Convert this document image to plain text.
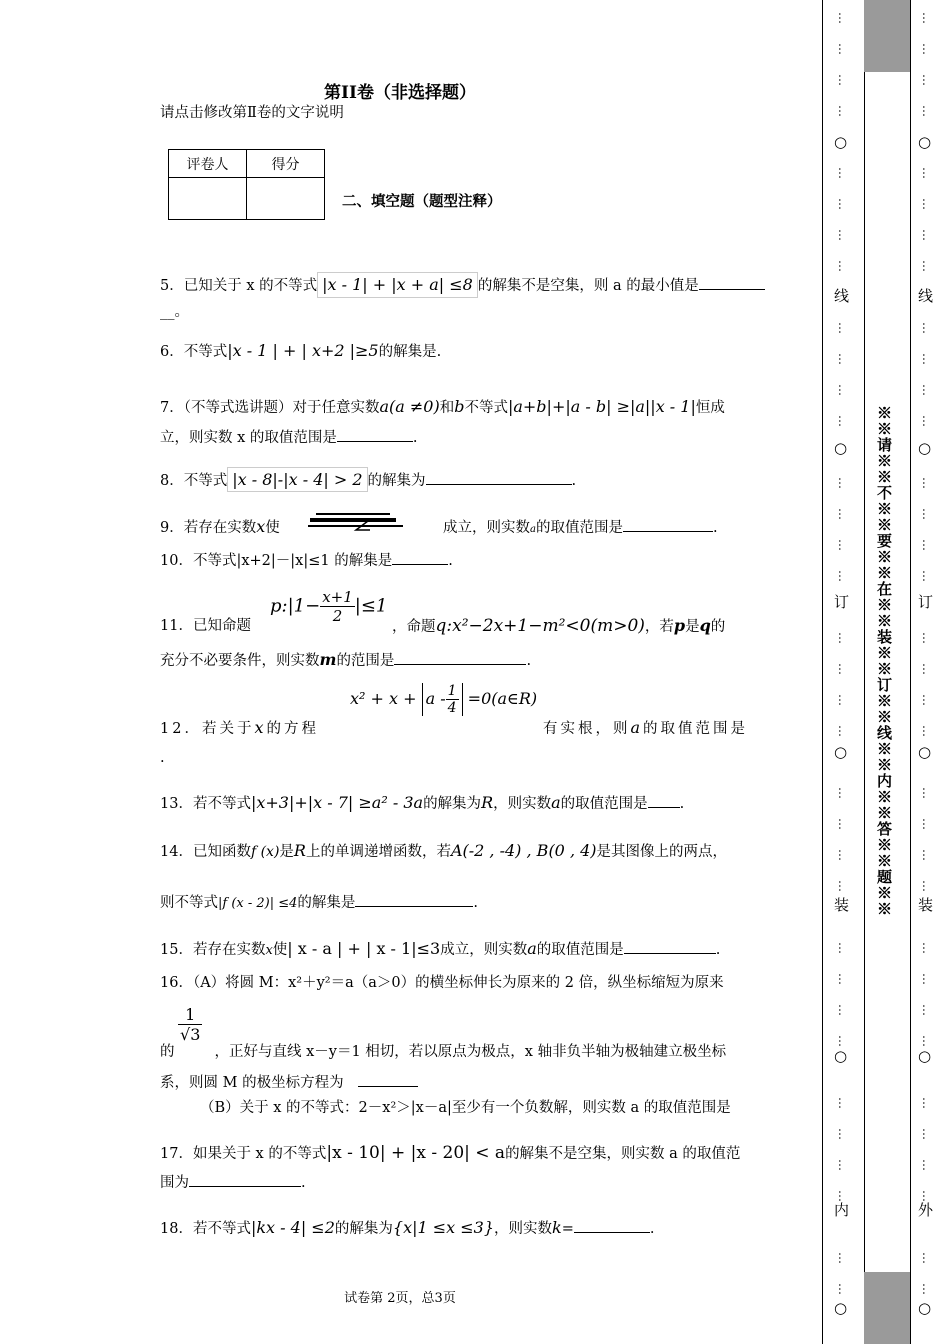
第II卷（非选择题）
请点击修改第Ⅱ卷的文字说明
评卷人	得分

二、填空题（题型注释）
5．已知关于 x 的不等式 |x - 1| + |x + a| ≤8 的解集不是空集，则 a 的最小值是
__。
6．不等式|x - 1 | + | x+2 |≥5的解集是.
7．（不等式选讲题）对于任意实数a(a ≠0)和b不等式|a+b|+|a - b| ≥|a||x - 1|恒成
立，则实数 x 的取值范围是	.
8．不等式 |x - 8|-|x - 4| > 2 的解集为	.
9．若存在实数x使	成立，则实数a的取值范围是	.
10．不等式|x+2|－|x|≤1 的解集是	.
p:|1− $\frac{x+1}{2} |\le 1$
11．已知命题	，命题q:x²−2x+1−m²<0(m>0)，若p是q的
充分不必要条件，则实数m的范围是	.
$x^2 + x + a - \frac{1}{4}$ =0(a∈R)
12．若关于x的方程	有实根，则a的取值范围是
.
13．若不等式|x+3|+|x - 7| ≥a² - 3a的解集为R，则实数a的取值范围是 .
14．已知函数f (x)是R上的单调递增函数，若A(-2 , -4) , B(0 , 4)是其图像上的两点，
则不等式|f (x - 2)| ≤4的解集是	.
15．若存在实数x使| x - a | + | x - 1|≤3成立，则实数a的取值范围是	.
16．（A）将圆 M：x²＋y²＝a（a＞0）的横坐标伸长为原来的 2 倍，纵坐标缩短为原来
$\frac{1}{√3}$
的	，正好与直线 x－y＝1 相切，若以原点为极点，x 轴非负半轴为极轴建立极坐标
系，则圆 M 的极坐标方程为
（B）关于 x 的不等式：2－x²＞|x－a|至少有一个负数解，则实数 a 的取值范围是
17．如果关于 x 的不等式|x - 10| + |x - 20| < a的解集不是空集，则实数 a 的取值范
围为	.
18．若不等式|kx - 4| ≤2的解集为{x|1 ≤x ≤3}，则实数k=	.
试卷第 2页，总3页
※※请※※不※※要※※在※※装※※订※※线※※内※※答※※题※※
…
…
…
…
…
…
…
…
…
…
…
…
…
…
…
…
…
…
…
…
…
…
…
…
…
…
…
…
…
…
…
…
…
…
○
线
○
订
○
装
○
内
○
…
…
…
…
…
…
…
…
…
…
…
…
…
…
…
…
…
…
…
…
…
…
…
…
…
…
…
…
…
…
…
…
…
…
○
线
○
订
○
装
○
外
○
